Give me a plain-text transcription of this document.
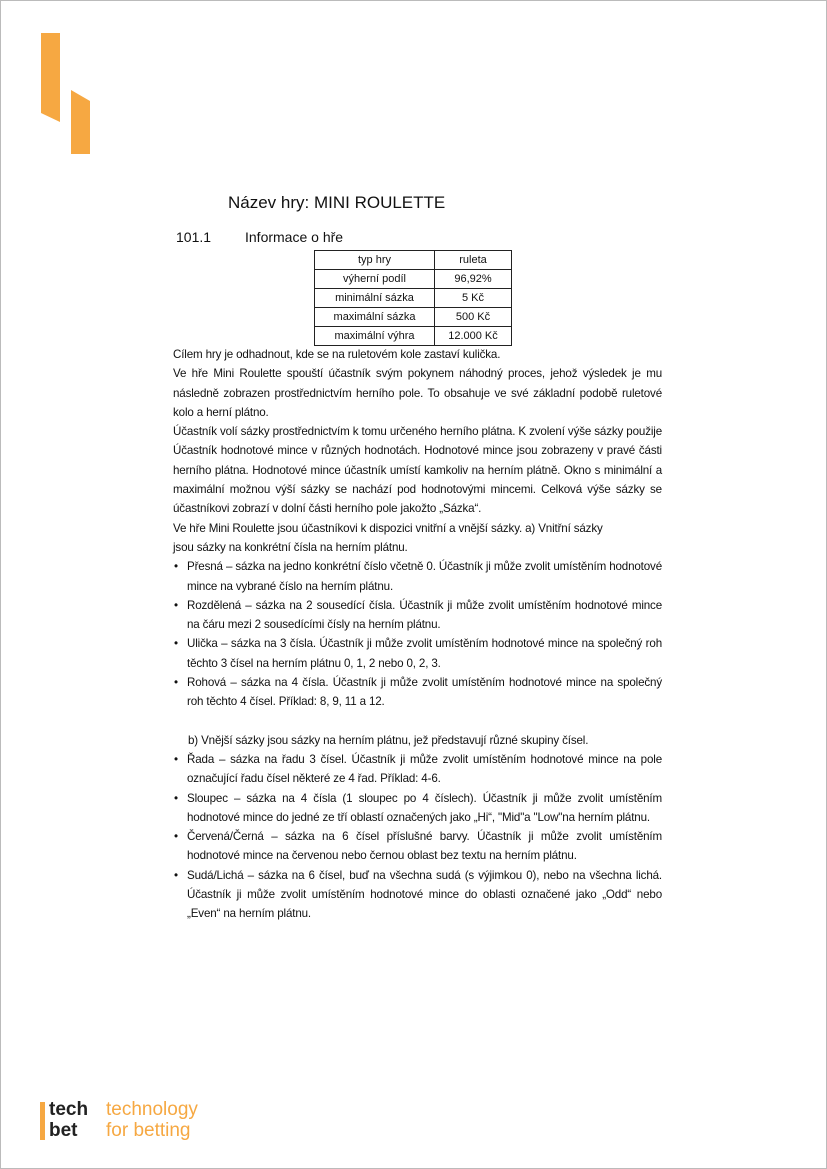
Název hry: MINI ROULETTE
101.1 Informace o hře
typ hry	ruleta
výherní podíl	96,92%
minimální sázka	5 Kč
maximální sázka	500 Kč
maximální výhra	12.000 Kč

Cílem hry je odhadnout, kde se na ruletovém kole zastaví kulička.

Ve hře Mini Roulette spouští účastník svým pokynem náhodný proces, jehož výsledek je mu následně zobrazen prostřednictvím herního pole. To obsahuje ve své základní podobě ruletové kolo a herní plátno.

Účastník volí sázky prostřednictvím k tomu určeného herního plátna. K zvolení výše sázky použije Účastník hodnotové mince v různých hodnotách. Hodnotové mince jsou zobrazeny v pravé části herního plátna. Hodnotové mince účastník umístí kamkoliv na herním plátně. Okno s minimální a maximální možnou výší sázky se nachází pod hodnotovými mincemi. Celková výše sázky se účastníkovi zobrazí v dolní části herního pole jakožto „Sázka“.

Ve hře Mini Roulette jsou účastníkovi k dispozici vnitřní a vnější sázky. a) Vnitřní sázky jsou sázky na konkrétní čísla na herním plátnu.

• Přesná – sázka na jedno konkrétní číslo včetně 0. Účastník ji může zvolit umístěním hodnotové mince na vybrané číslo na herním plátnu.
• Rozdělená – sázka na 2 sousedící čísla. Účastník ji může zvolit umístěním hodnotové mince na čáru mezi 2 sousedícími čísly na herním plátnu.
• Ulička – sázka na 3 čísla. Účastník ji může zvolit umístěním hodnotové mince na společný roh těchto 3 čísel na herním plátnu 0, 1, 2 nebo 0, 2, 3.
• Rohová – sázka na 4 čísla. Účastník ji může zvolit umístěním hodnotové mince na společný roh těchto 4 čísel. Příklad: 8, 9, 11 a 12.

b) Vnější sázky jsou sázky na herním plátnu, jež představují různé skupiny čísel.

• Řada – sázka na řadu 3 čísel. Účastník ji může zvolit umístěním hodnotové mince na pole označující řadu čísel některé ze 4 řad. Příklad: 4-6.
• Sloupec – sázka na 4 čísla (1 sloupec po 4 číslech). Účastník ji může zvolit umístěním hodnotové mince do jedné ze tří oblastí označených jako „Hi“, "Mid"a "Low"na herním plátnu.
• Červená/Černá – sázka na 6 čísel příslušné barvy. Účastník ji může zvolit umístěním hodnotové mince na červenou nebo černou oblast bez textu na herním plátnu.
• Sudá/Lichá – sázka na 6 čísel, buď na všechna sudá (s výjimkou 0), nebo na všechna lichá. Účastník ji může zvolit umístěním hodnotové mince do oblasti označené jako „Odd“ nebo „Even“ na herním plátnu.
tech
bet
technology
for betting
